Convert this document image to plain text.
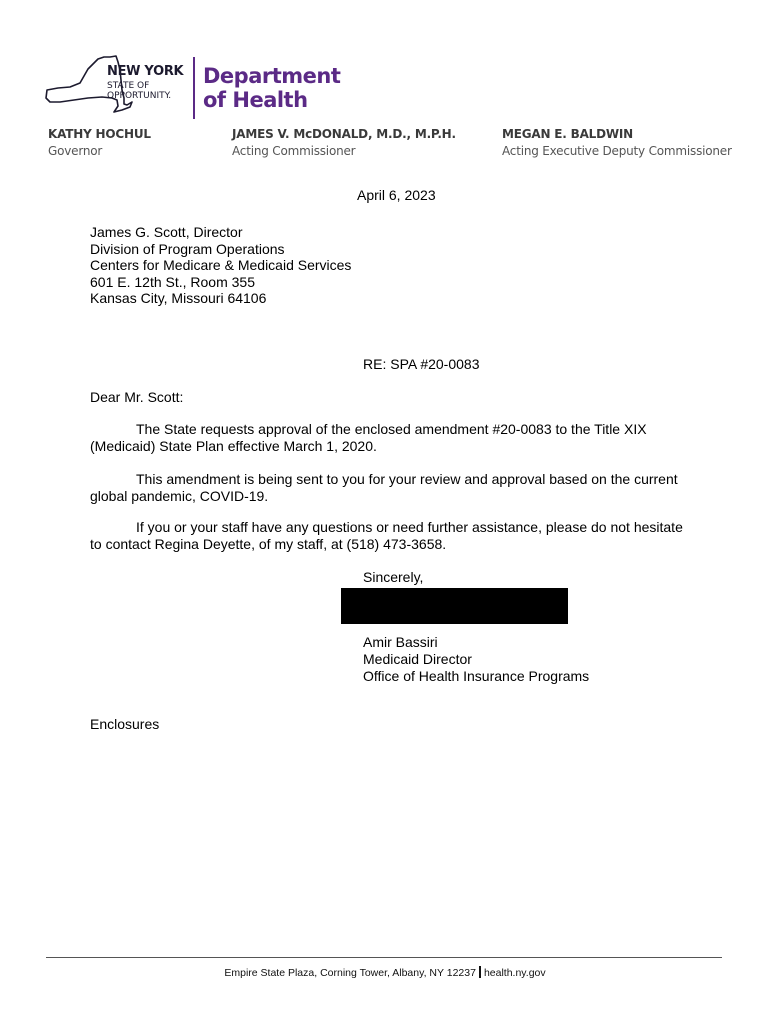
NEW YORK
STATE OF
OPPORTUNITY.
Department
of Health
KATHY HOCHUL
Governor
JAMES V. McDONALD, M.D., M.P.H.
Acting Commissioner
MEGAN E. BALDWIN
Acting Executive Deputy Commissioner
April 6, 2023
James G. Scott, Director
Division of Program Operations
Centers for Medicare & Medicaid Services
601 E. 12th St., Room 355
Kansas City, Missouri 64106
RE: SPA #20-0083
Dear Mr. Scott:
The State requests approval of the enclosed amendment #20-0083 to the Title XIX
(Medicaid) State Plan effective March 1, 2020.
This amendment is being sent to you for your review and approval based on the current
global pandemic, COVID-19.
If you or your staff have any questions or need further assistance, please do not hesitate
to contact Regina Deyette, of my staff, at (518) 473-3658.
Sincerely,
Amir Bassiri
Medicaid Director
Office of Health Insurance Programs
Enclosures
Empire State Plaza, Corning Tower, Albany, NY 12237 health.ny.gov
